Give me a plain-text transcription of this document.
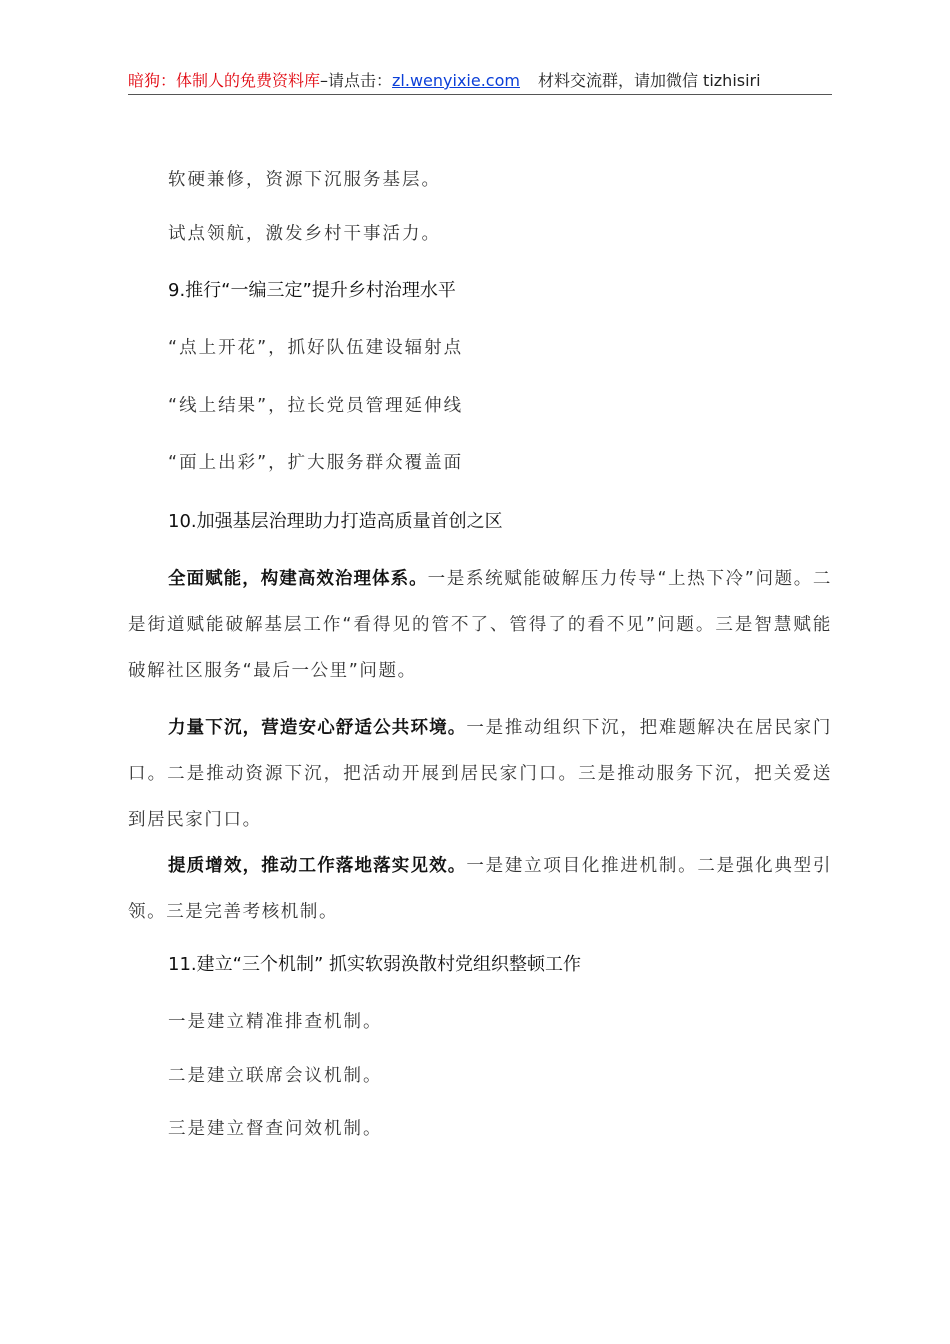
暗狗：体制人的免费资料库–请点击：zl.wenyixie.com 材料交流群，请加微信 tizhisiri
软硬兼修，资源下沉服务基层。
试点领航，激发乡村干事活力。
9.推行“一编三定”提升乡村治理水平
“点上开花”，抓好队伍建设辐射点
“线上结果”，拉长党员管理延伸线
“面上出彩”，扩大服务群众覆盖面
10.加强基层治理助力打造高质量首创之区
全面赋能，构建高效治理体系。一是系统赋能破解压力传导“上热下冷”问题。二是街道赋能破解基层工作“看得见的管不了、管得了的看不见”问题。三是智慧赋能破解社区服务“最后一公里”问题。
力量下沉，营造安心舒适公共环境。一是推动组织下沉，把难题解决在居民家门口。二是推动资源下沉，把活动开展到居民家门口。三是推动服务下沉，把关爱送到居民家门口。
提质增效，推动工作落地落实见效。一是建立项目化推进机制。二是强化典型引领。三是完善考核机制。
11.建立“三个机制” 抓实软弱涣散村党组织整顿工作
一是建立精准排查机制。
二是建立联席会议机制。
三是建立督查问效机制。
